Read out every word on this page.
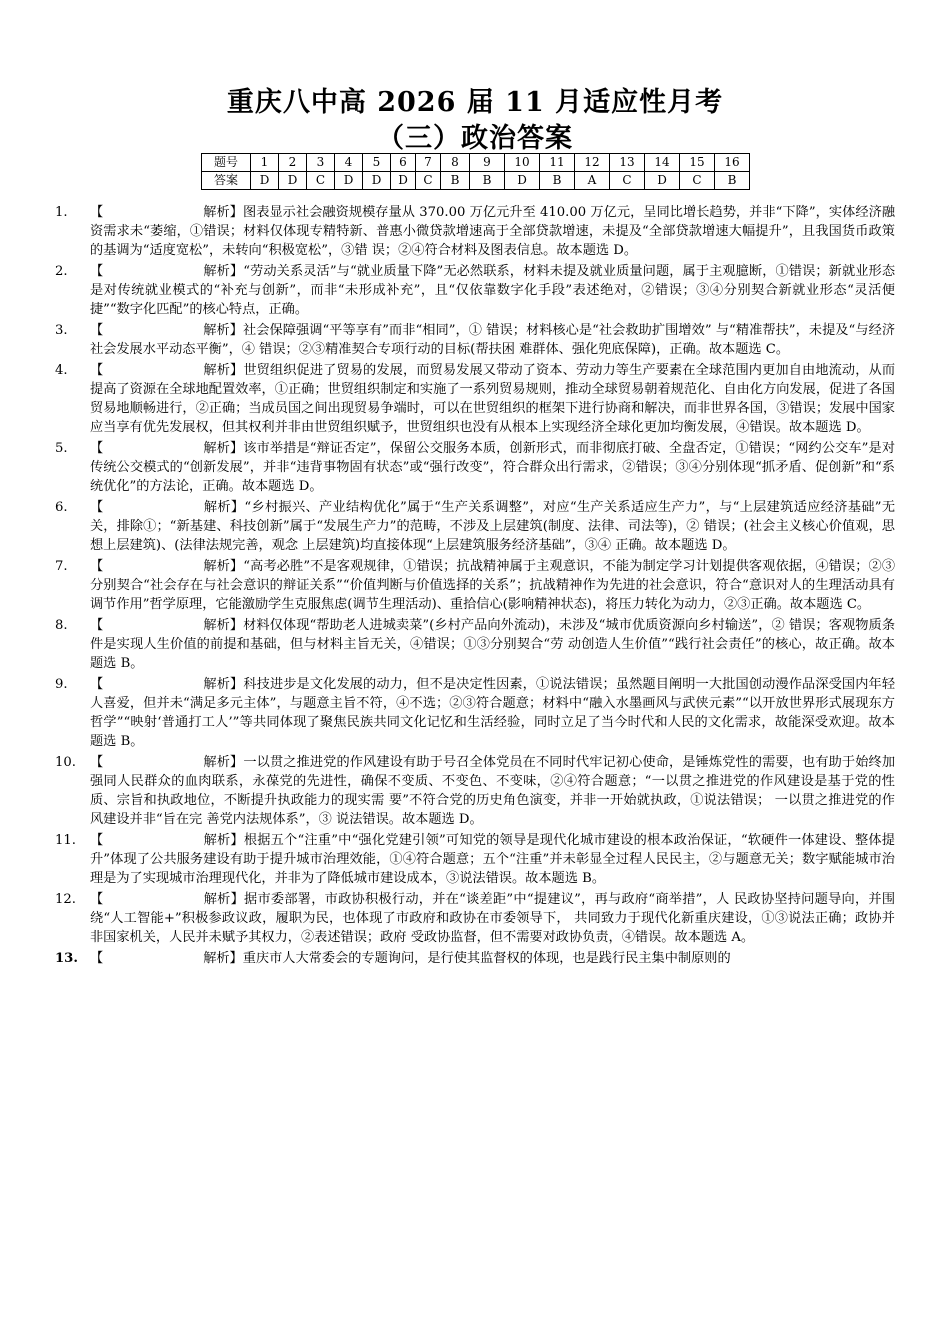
重庆八中高 2026 届 11 月适应性月考
（三）政治答案
题号	1	2	3	4	5	6	7	8	9	10	11	12	13	14	15	16
答案	D	D	C	D	D	D	C	B	B	D	B	A	C	D	C	B
1.	【	解析】图表显示社会融资规模存量从 370.00 万亿元升至 410.00 万亿元，呈同比增长趋势，并非“下降”，实体经济融资需求未“萎缩，①错误；材料仅体现专精特新、普惠小微贷款增速高于全部贷款增速，未提及“全部贷款增速大幅提升”，且我国货币政策的基调为“适度宽松”，未转向“积极宽松”，③错 误；②④符合材料及图表信息。故本题选 D。
2.	【	解析】“劳动关系灵活”与“就业质量下降”无必然联系，材料未提及就业质量问题，属于主观臆断，①错误；新就业形态是对传统就业模式的“补充与创新”，而非“未形成补充”，且“仅依靠数字化手段”表述绝对，②错误；③④分别契合新就业形态“灵活便捷”“数字化匹配”的核心特点，正确。
3.	【	解析】社会保障强调“平等享有”而非“相同”，① 错误；材料核心是“社会救助扩围增效” 与“精准帮扶”，未提及“与经济社会发展水平动态平衡”，④ 错误；②③精准契合专项行动的目标(帮扶困 难群体、强化兜底保障)，正确。故本题选 C。
4.	【	解析】世贸组织促进了贸易的发展，而贸易发展又带动了资本、劳动力等生产要素在全球范围内更加自由地流动，从而提高了资源在全球地配置效率，①正确；世贸组织制定和实施了一系列贸易规则，推动全球贸易朝着规范化、自由化方向发展，促进了各国贸易地顺畅进行，②正确；当成员国之间出现贸易争端时，可以在世贸组织的框架下进行协商和解决，而非世界各国，③错误；发展中国家应当享有优先发展权，但其权利并非由世贸组织赋予，世贸组织也没有从根本上实现经济全球化更加均衡发展，④错误。故本题选 D。
5.	【	解析】该市举措是“辩证否定”，保留公交服务本质，创新形式，而非彻底打破、全盘否定，①错误；“网约公交车”是对传统公交模式的“创新发展”，并非“违背事物固有状态”或“强行改变”，符合群众出行需求，②错误；③④分别体现“抓矛盾、促创新”和“系统优化”的方法论，正确。故本题选 D。
6.	【	解析】“乡村振兴、产业结构优化”属于“生产关系调整”，对应“生产关系适应生产力”，与“上层建筑适应经济基础”无关，排除①；“新基建、科技创新”属于“发展生产力”的范畴，不涉及上层建筑(制度、法律、司法等)，② 错误；(社会主义核心价值观，思想上层建筑)、(法律法规完善，观念 上层建筑)均直接体现“上层建筑服务经济基础”，③④ 正确。故本题选 D。
7.	【	解析】“高考必胜”不是客观规律，①错误；抗战精神属于主观意识，不能为制定学习计划提供客观依据，④错误；②③分别契合“社会存在与社会意识的辩证关系”“价值判断与价值选择的关系”；抗战精神作为先进的社会意识，符合“意识对人的生理活动具有调节作用”哲学原理，它能激励学生克服焦虑(调节生理活动)、重拾信心(影响精神状态)，将压力转化为动力，②③正确。故本题选 C。
8.	【	解析】材料仅体现“帮助老人进城卖菜”(乡村产品向外流动)，未涉及“城市优质资源向乡村输送”，② 错误；客观物质条件是实现人生价值的前提和基础，但与材料主旨无关，④错误；①③分别契合“劳 动创造人生价值”“践行社会责任”的核心，故正确。故本题选 B。
9.	【	解析】科技进步是文化发展的动力，但不是决定性因素，①说法错误；虽然题目阐明一大批国创动漫作品深受国内年轻人喜爱，但并未“满足多元主体”，与题意主旨不符，④不选；②③符合题意；材料中“融入水墨画风与武侠元素”“以开放世界形式展现东方哲学”“映射‘普通打工人’”等共同体现了聚焦民族共同文化记忆和生活经验，同时立足了当今时代和人民的文化需求，故能深受欢迎。故本题选 B。
10.	【	解析】一以贯之推进党的作风建设有助于号召全体党员在不同时代牢记初心使命，是锤炼党性的需要，也有助于始终加强同人民群众的血肉联系，永葆党的先进性，确保不变质、不变色、不变味，②④符合题意；“一以贯之推进党的作风建设是基于党的性质、宗旨和执政地位，不断提升执政能力的现实需 要”不符合党的历史角色演变，并非一开始就执政，①说法错误； 一以贯之推进党的作风建设并非“旨在完 善党内法规体系”，③ 说法错误。故本题选 D。
11.	【	解析】根据五个“注重”中“强化党建引领”可知党的领导是现代化城市建设的根本政治保证，“软硬件一体建设、整体提升”体现了公共服务建设有助于提升城市治理效能，①④符合题意；五个“注重”并未彰显全过程人民民主，②与题意无关；数字赋能城市治理是为了实现城市治理现代化，并非为了降低城市建设成本，③说法错误。故本题选 B。
12.	【	解析】据市委部署，市政协积极行动，并在“谈差距”中“提建议”，再与政府“商举措”，人 民政协坚持问题导向，并围绕“人工智能+”积极参政议政，履职为民，也体现了市政府和政协在市委领导下， 共同致力于现代化新重庆建设，①③说法正确；政协并非国家机关，人民并未赋予其权力，②表述错误；政府 受政协监督，但不需要对政协负责，④错误。故本题选 A。
13. 【	解析】重庆市人大常委会的专题询问，是行使其监督权的体现，也是践行民主集中制原则的
